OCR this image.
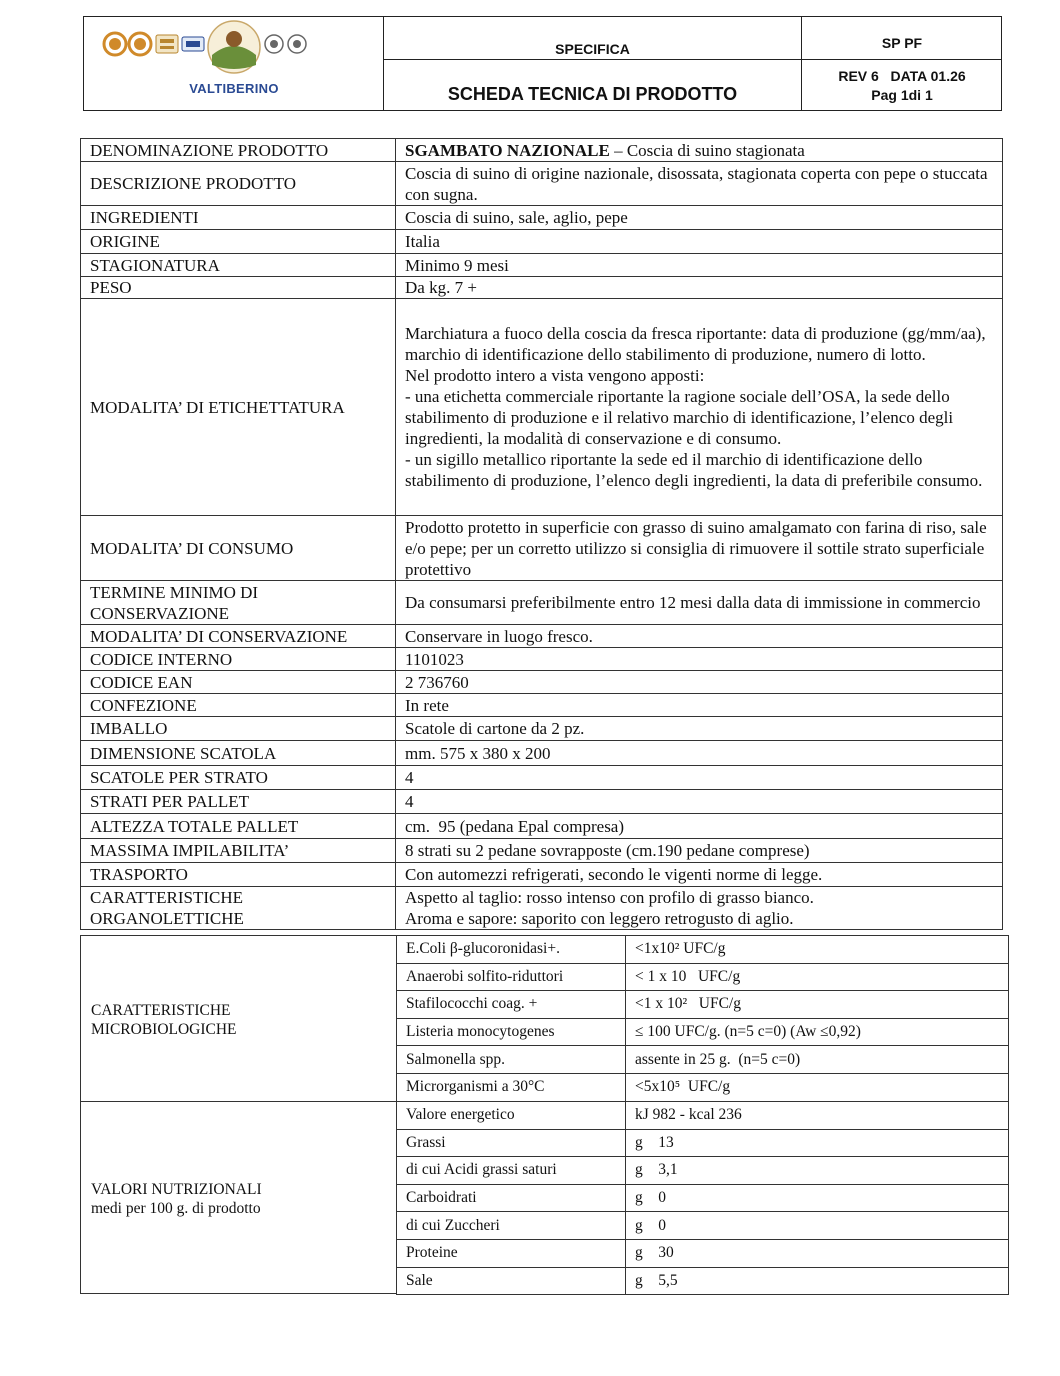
VALTIBERINO
SPECIFICA
SCHEDA TECNICA DI PRODOTTO
SP PF
REV 6   DATA 01.26
Pag 1di 1
DENOMINAZIONE PRODOTTO	SGAMBATO NAZIONALE – Coscia di suino stagionata
DESCRIZIONE PRODOTTO	Coscia di suino di origine nazionale, disossata, stagionata coperta con pepe o stuccata con sugna.
INGREDIENTI	Coscia di suino, sale, aglio, pepe
ORIGINE	Italia
STAGIONATURA	Minimo 9 mesi
PESO	Da kg. 7 +
MODALITA’ DI ETICHETTATURA	Marchiatura a fuoco della coscia da fresca riportante: data di produzione (gg/mm/aa), marchio di identificazione dello stabilimento di produzione, numero di lotto.
Nel prodotto intero a vista vengono apposti:
- una etichetta commerciale riportante la ragione sociale dell’OSA, la sede dello stabilimento di produzione e il relativo marchio di identificazione, l’elenco degli ingredienti, la modalità di conservazione e di consumo.
- un sigillo metallico riportante la sede ed il marchio di identificazione dello stabilimento di produzione, l’elenco degli ingredienti, la data di preferibile consumo.

MODALITA’ DI CONSUMO	Prodotto protetto in superficie con grasso di suino amalgamato con farina di riso, sale e/o pepe; per un corretto utilizzo si consiglia di rimuovere il sottile strato superficiale protettivo
TERMINE MINIMO DI CONSERVAZIONE	Da consumarsi preferibilmente entro 12 mesi dalla data di immissione in commercio
MODALITA’ DI CONSERVAZIONE	Conservare in luogo fresco.
CODICE INTERNO	1101023
CODICE EAN	2 736760
CONFEZIONE	In rete
IMBALLO	Scatole di cartone da 2 pz.
DIMENSIONE SCATOLA	mm. 575 x 380 x 200
SCATOLE PER STRATO	4
STRATI PER PALLET	4
ALTEZZA TOTALE PALLET	cm.  95 (pedana Epal compresa)
MASSIMA IMPILABILITA’	8 strati su 2 pedane sovrapposte (cm.190 pedane comprese)
TRASPORTO	Con automezzi refrigerati, secondo le vigenti norme di legge.
CARATTERISTICHE ORGANOLETTICHE	Aspetto al taglio: rosso intenso con profilo di grasso bianco.
Aroma e sapore: saporito con leggero retrogusto di aglio.
CARATTERISTICHE
MICROBIOLOGICHE
E.Coli β-glucoronidasi+.	<1x10² UFC/g
Anaerobi solfito-riduttori	< 1 x 10   UFC/g
Stafilococchi coag. +	<1 x 10²   UFC/g
Listeria monocytogenes	≤ 100 UFC/g. (n=5 c=0) (Aw ≤0,92)
Salmonella spp.	assente in 25 g.  (n=5 c=0)
Microrganismi a 30°C	<5x10⁵  UFC/g
VALORI NUTRIZIONALI
medi per 100 g. di prodotto
Valore energetico	kJ 982 - kcal 236
Grassi	g    13
di cui Acidi grassi saturi	g    3,1
Carboidrati	g    0
di cui Zuccheri	g    0
Proteine	g    30
Sale	g    5,5
